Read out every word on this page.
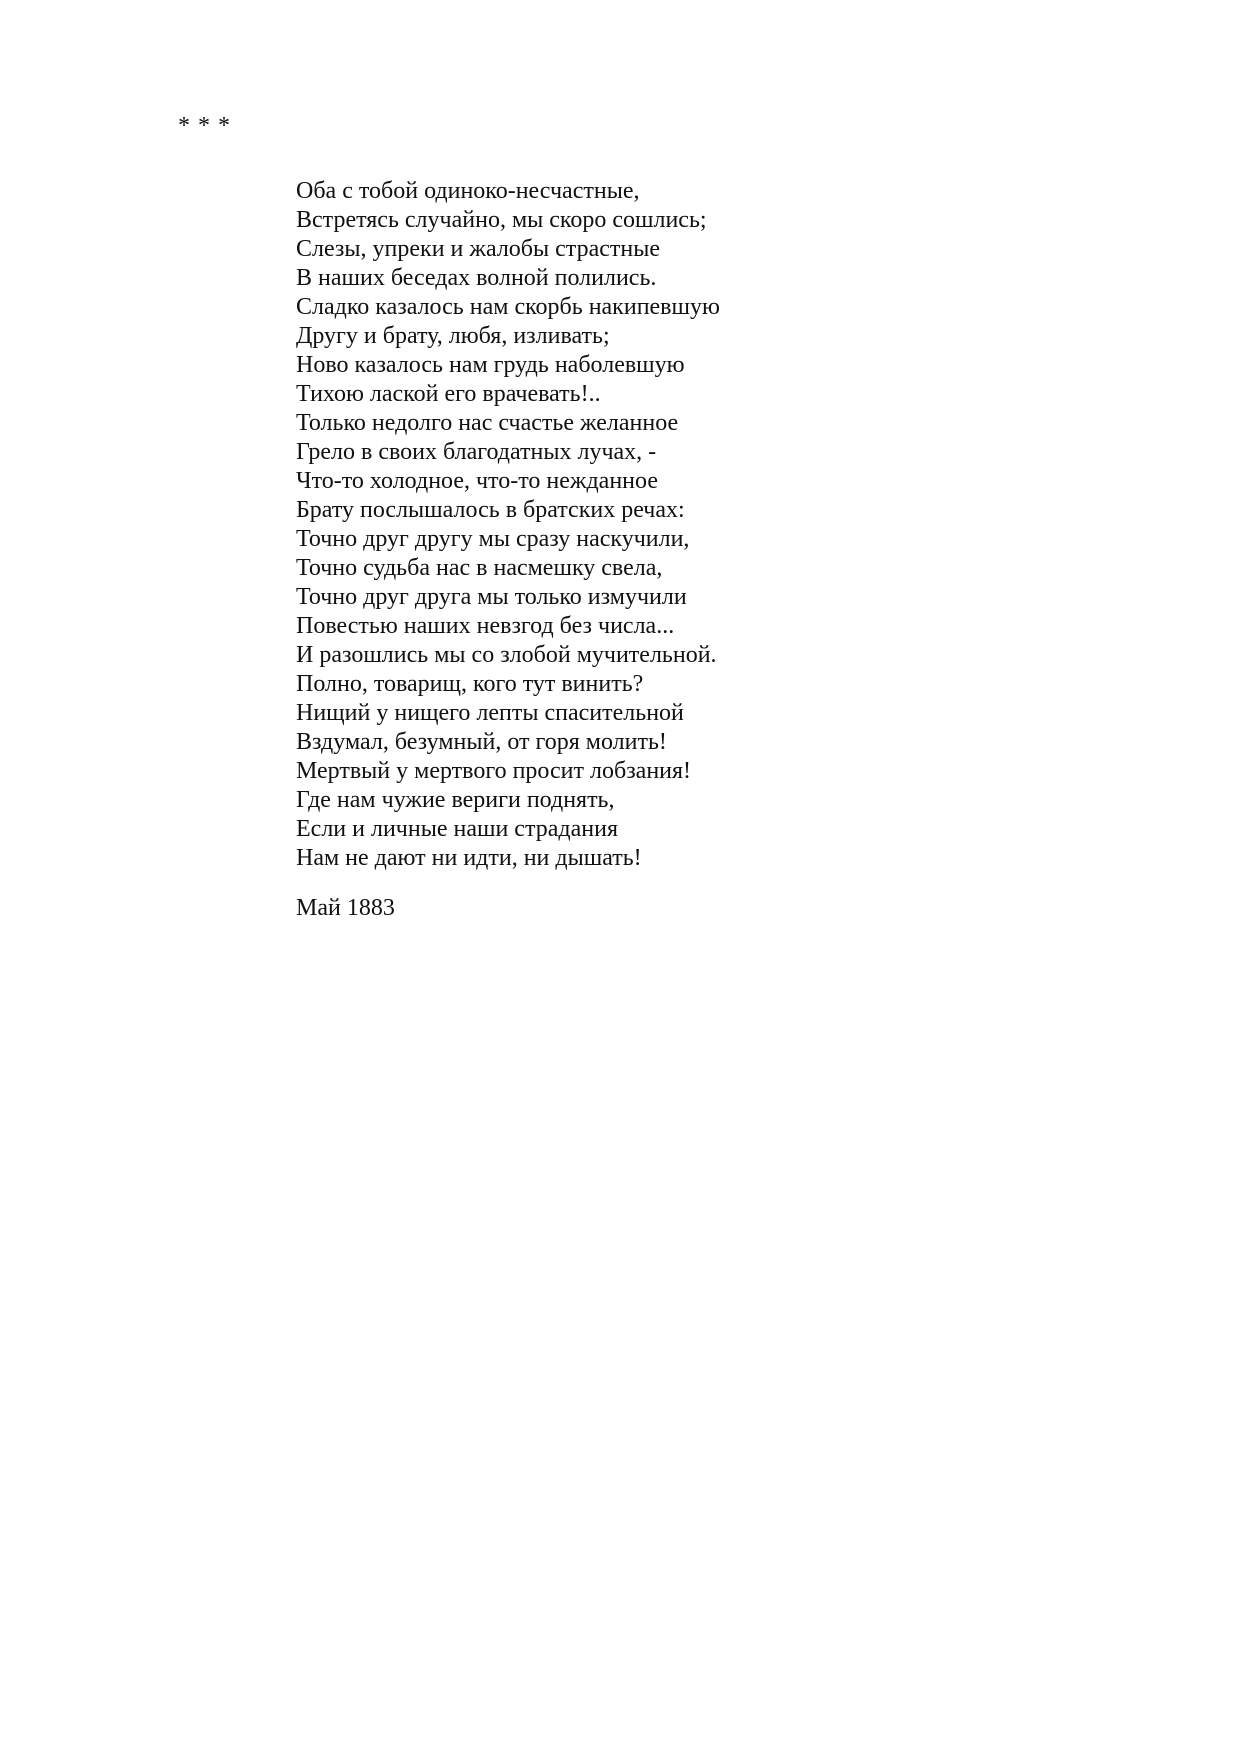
* * *
Оба с тобой одиноко-несчастные,
Встретясь случайно, мы скоро сошлись;
Слезы, упреки и жалобы страстные
В наших беседах волной полились.
Сладко казалось нам скорбь накипевшую
Другу и брату, любя, изливать;
Ново казалось нам грудь наболевшую
Тихою лаской его врачевать!..
Только недолго нас счастье желанное
Грело в своих благодатных лучах, -
Что-то холодное, что-то нежданное
Брату послышалось в братских речах:
Точно друг другу мы сразу наскучили,
Точно судьба нас в насмешку свела,
Точно друг друга мы только измучили
Повестью наших невзгод без числа...
И разошлись мы со злобой мучительной.
Полно, товарищ, кого тут винить?
Нищий у нищего лепты спасительной
Вздумал, безумный, от горя молить!
Мертвый у мертвого просит лобзания!
Где нам чужие вериги поднять,
Если и личные наши страдания
Нам не дают ни идти, ни дышать!
Май 1883
